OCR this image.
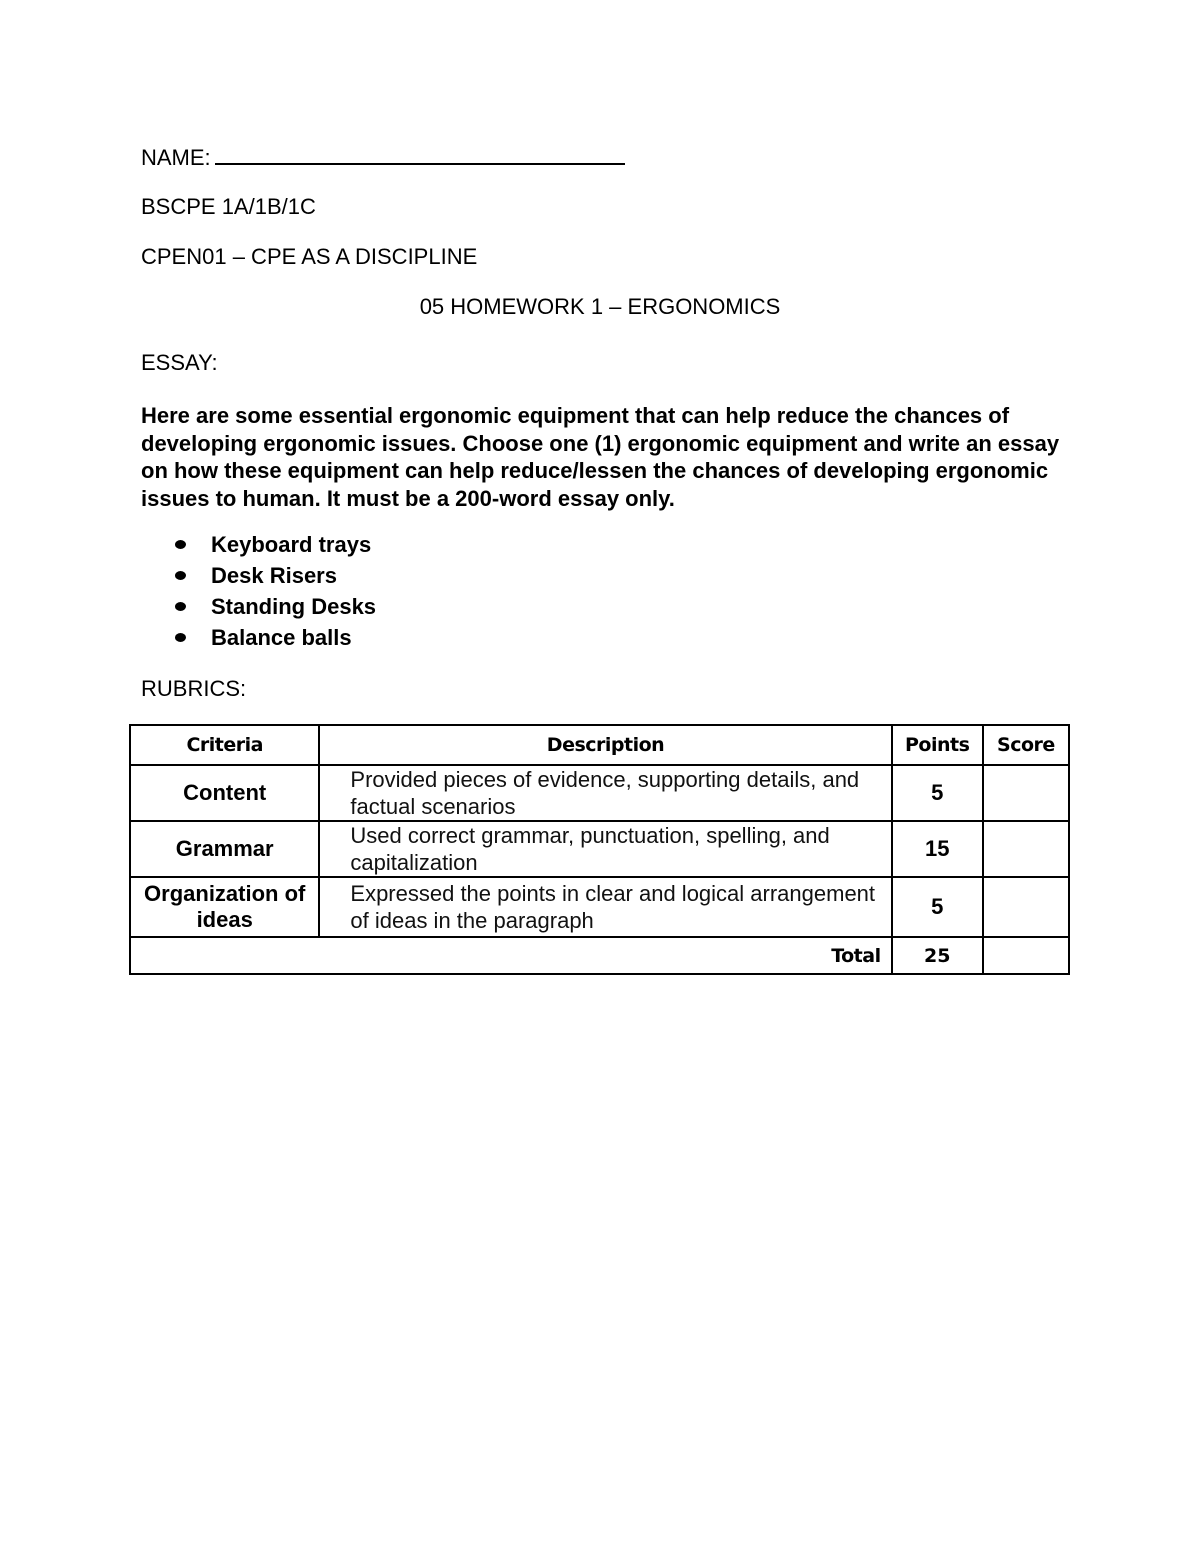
NAME:
BSCPE 1A/1B/1C
CPEN01 – CPE AS A DISCIPLINE
05 HOMEWORK 1 – ERGONOMICS
ESSAY:
Here are some essential ergonomic equipment that can help reduce the chances of developing ergonomic issues. Choose one (1) ergonomic equipment and write an essay on how these equipment can help reduce/lessen the chances of developing ergonomic issues to human. It must be a 200-word essay only.
Keyboard trays
Desk Risers
Standing Desks
Balance balls
RUBRICS:
Criteria	Description	Points	Score
Content	Provided pieces of evidence, supporting details, and factual scenarios	5	
Grammar	Used correct grammar, punctuation, spelling, and capitalization	15	
Organization of ideas	Expressed the points in clear and logical arrangement of ideas in the paragraph	5	
Total		25	
